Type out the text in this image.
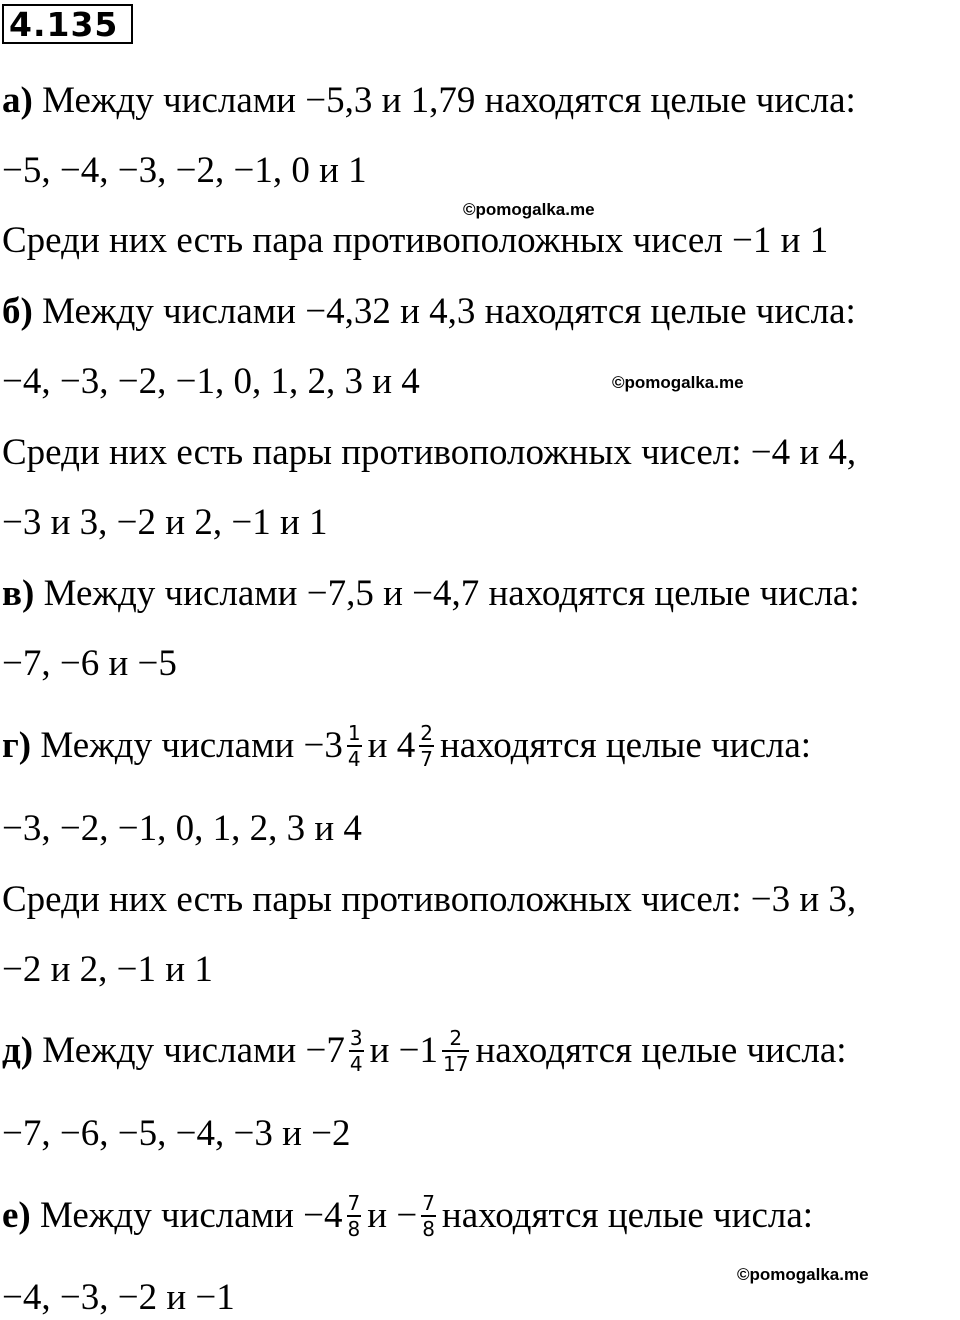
4.135
а) Между числами −5,3 и 1,79 находятся целые числа:
−5, −4, −3, −2, −1, 0 и 1
©pomogalka.me
Среди них есть пара противоположных чисел −1 и 1
б) Между числами −4,32 и 4,3 находятся целые числа:
−4, −3, −2, −1, 0, 1, 2, 3 и 4	©pomogalka.me
Среди них есть пары противоположных чисел: −4 и 4,
−3 и 3, −2 и 2, −1 и 1
в) Между числами −7,5 и −4,7 находятся целые числа:
−7, −6 и −5
г) Между числами $-3 \frac{1}{4}$ и $4 \frac{2}{7}$ находятся целые числа:
−3, −2, −1, 0, 1, 2, 3 и 4
Среди них есть пары противоположных чисел: −3 и 3,
−2 и 2, −1 и 1
д) Между числами $-7 \frac{3}{4}$ $и -1 \frac{2}{17}$ находятся целые числа:
−7, −6, −5, −4, −3 и −2
е) Между числами $-4 \frac{7}{8}$ $и - \frac{7}{8}$ находятся целые числа:
©pomogalka.me
−4, −3, −2 и −1
